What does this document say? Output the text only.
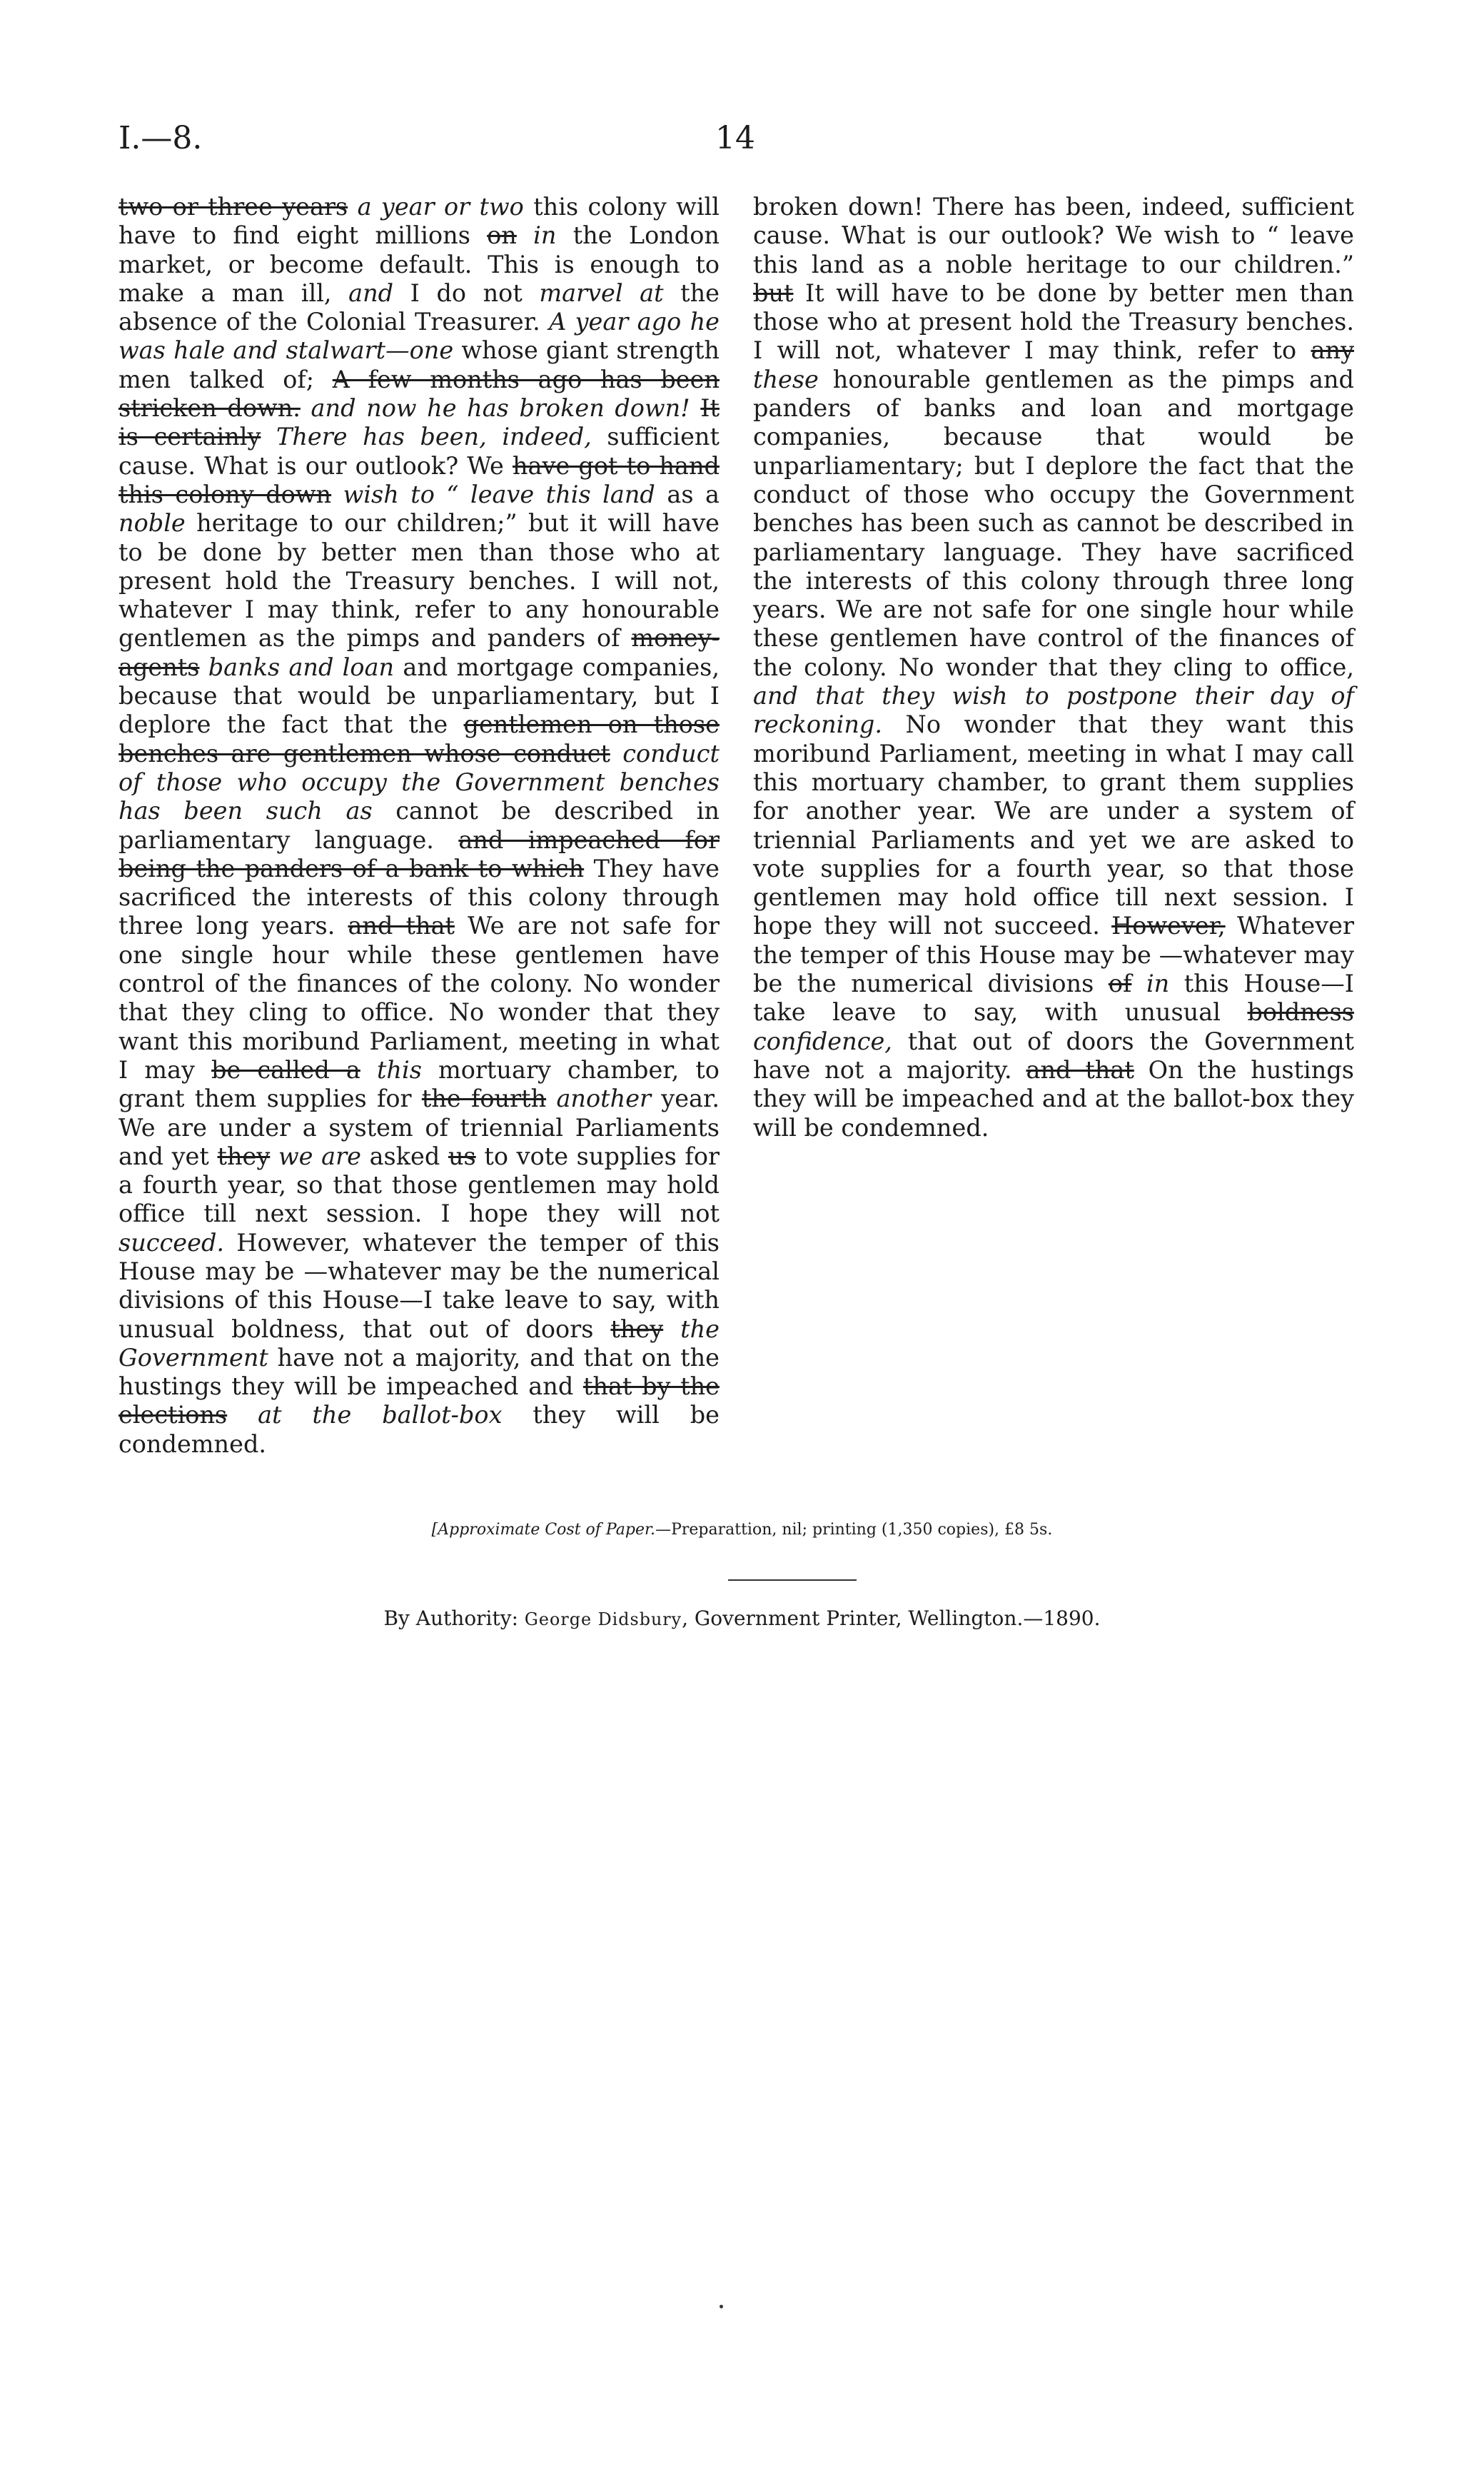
I.—8.	14
two or three years a year or two this colony will have to find eight millions on in the London market, or become default. This is enough to make a man ill, and I do not marvel at the absence of the Colonial Treasurer. A year ago he was hale and stalwart—one whose giant strength men talked of; A few months ago has been stricken down. and now he has broken down! It is certainly There has been, indeed, sufficient cause. What is our outlook? We have got to hand this colony down wish to “ leave this land as a noble heritage to our children;” but it will have to be done by better men than those who at present hold the Treasury benches. I will not, whatever I may think, refer to any honourable gentlemen as the pimps and panders of money-agents banks and loan and mortgage companies, because that would be unparliamentary, but I deplore the fact that the gentlemen on those benches are gentlemen whose conduct conduct of those who occupy the Government benches has been such as cannot be described in parliamentary language. and impeached for being the panders of a bank to which They have sacrificed the interests of this colony through three long years. and that We are not safe for one single hour while these gentlemen have control of the finances of the colony. No wonder that they cling to office. No wonder that they want this moribund Parliament, meeting in what I may be called a this mortuary chamber, to grant them supplies for the fourth another year. We are under a system of triennial Parliaments and yet they we are asked us to vote supplies for a fourth year, so that those gentlemen may hold office till next session. I hope they will not succeed. However, whatever the temper of this House may be —whatever may be the numerical divisions of this House—I take leave to say, with unusual boldness, that out of doors they the Government have not a majority, and that on the hustings they will be impeached and that by the elections at the ballot-box they will be condemned.
broken down! There has been, indeed, sufficient cause. What is our outlook? We wish to “ leave this land as a noble heritage to our children.” but It will have to be done by better men than those who at present hold the Treasury benches. I will not, whatever I may think, refer to any these honourable gentlemen as the pimps and panders of banks and loan and mortgage companies, because that would be unparliamentary; but I deplore the fact that the conduct of those who occupy the Government benches has been such as cannot be described in parliamentary language. They have sacrificed the interests of this colony through three long years. We are not safe for one single hour while these gentlemen have control of the finances of the colony. No wonder that they cling to office, and that they wish to postpone their day of reckoning. No wonder that they want this moribund Parliament, meeting in what I may call this mortuary chamber, to grant them supplies for another year. We are under a system of triennial Parliaments and yet we are asked to vote supplies for a fourth year, so that those gentlemen may hold office till next session. I hope they will not succeed. However, Whatever the temper of this House may be —whatever may be the numerical divisions of in this House—I take leave to say, with unusual boldness confidence, that out of doors the Government have not a majority. and that On the hustings they will be impeached and at the ballot-box they will be condemned.
[Approximate Cost of Paper.—Preparattion, nil; printing (1,350 copies), £8 5s.
By Authority: George Didsbury, Government Printer, Wellington.—1890.
